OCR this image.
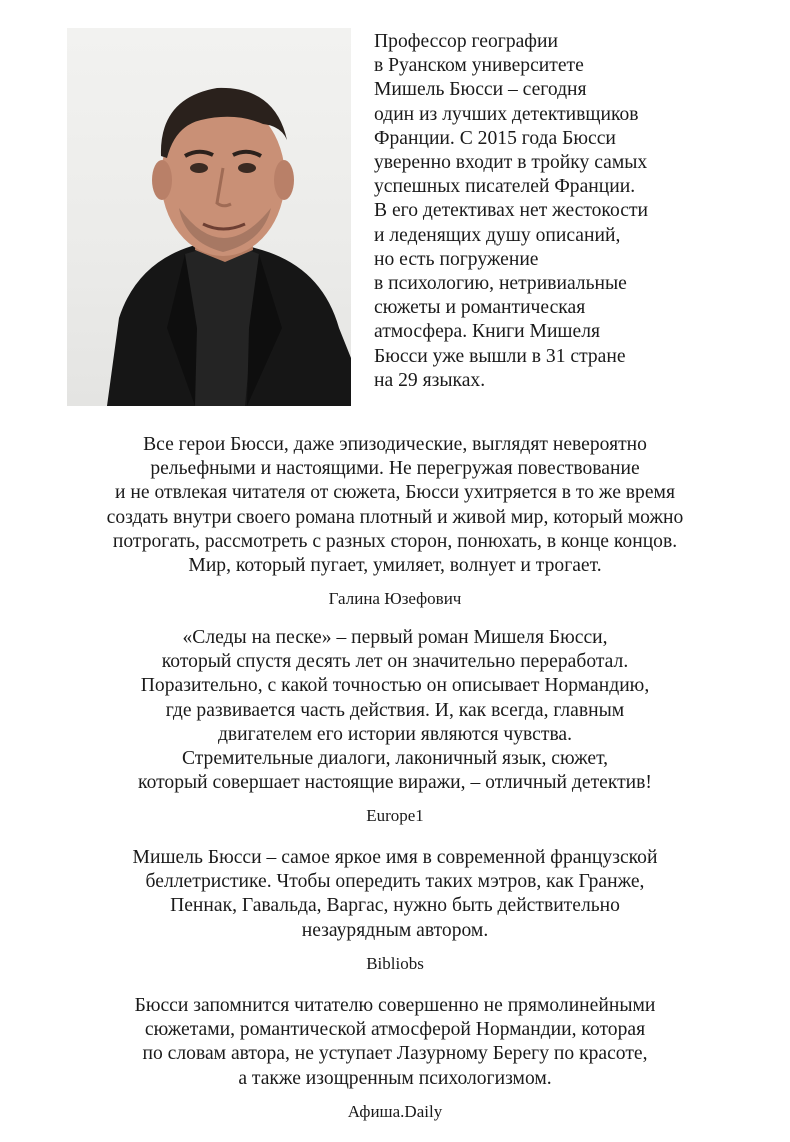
Профессор географии
в Руанском университете
Мишель Бюсси – сегодня
один из лучших детективщиков
Франции. С 2015 года Бюсси
уверенно входит в тройку самых
успешных писателей Франции.
В его детективах нет жестокости
и леденящих душу описаний,
но есть погружение
в психологию, нетривиальные
сюжеты и романтическая
атмосфера. Книги Мишеля
Бюсси уже вышли в 31 стране
на 29 языках.
Все герои Бюсси, даже эпизодические, выглядят невероятно
рельефными и настоящими. Не перегружая повествование
и не отвлекая читателя от сюжета, Бюсси ухитряется в то же время
создать внутри своего романа плотный и живой мир, который можно
потрогать, рассмотреть с разных сторон, понюхать, в конце концов.
Мир, который пугает, умиляет, волнует и трогает.
Галина Юзефович
«Следы на песке» – первый роман Мишеля Бюсси,
который спустя десять лет он значительно переработал.
Поразительно, с какой точностью он описывает Нормандию,
где развивается часть действия. И, как всегда, главным
двигателем его истории являются чувства.
Стремительные диалоги, лаконичный язык, сюжет,
который совершает настоящие виражи, – отличный детектив!
Europe1
Мишель Бюсси – самое яркое имя в современной французской
беллетристике. Чтобы опередить таких мэтров, как Гранже,
Пеннак, Гавальда, Варгас, нужно быть действительно
незаурядным автором.
Bibliobs
Бюсси запомнится читателю совершенно не прямолинейными
сюжетами, романтической атмосферой Нормандии, которая
по словам автора, не уступает Лазурному Берегу по красоте,
а также изощренным психологизмом.
Афиша.Daily
